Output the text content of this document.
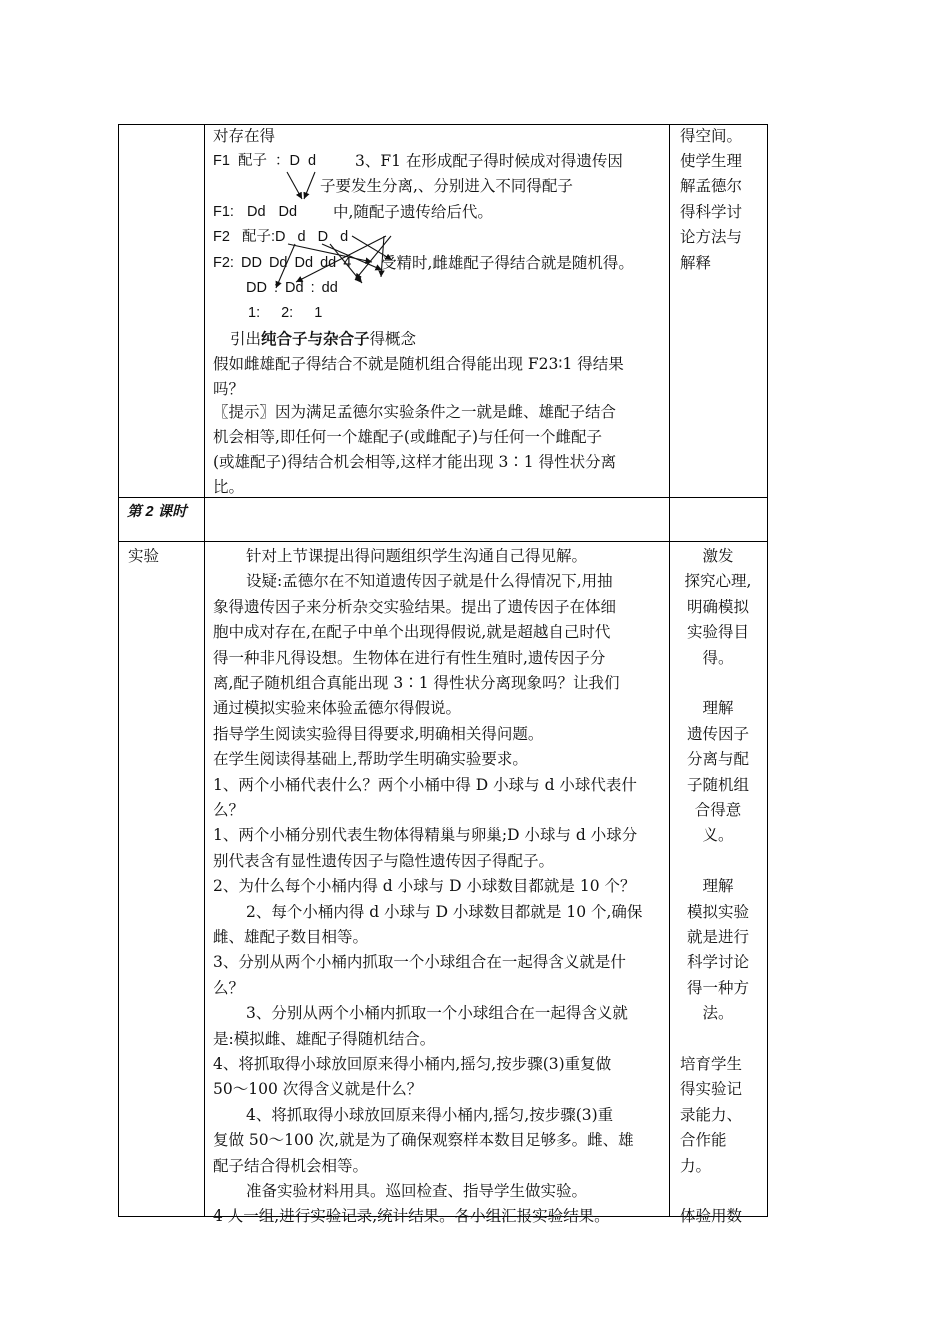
对存在得
F1 配子 ：D d	3、F1 在形成配子得时候成对得遗传因
子要发生分离,、分别进入不同得配子
F1: Dd Dd 中,随配子遗传给后代。
F2 配子:D d D d
F2: DD Dd Dd dd 4 受精时,雌雄配子得结合就是随机得。
DD : Dd : dd
1: 2: 1
引出纯合子与杂合子得概念
假如雌雄配子得结合不就是随机组合得能出现 F23∶1 得结果
吗？
〖提示〗因为满足孟德尔实验条件之一就是雌、雄配子结合
机会相等,即任何一个雄配子(或雌配子)与任何一个雌配子
(或雄配子)得结合机会相等,这样才能出现 3∶1 得性状分离
比。
得空间。
使学生理
解孟德尔
得科学讨
论方法与
解释
第 2 课时
实验	针对上节课提出得问题组织学生沟通自己得见解。
设疑:孟德尔在不知道遗传因子就是什么得情况下,用抽
象得遗传因子来分析杂交实验结果。提出了遗传因子在体细
胞中成对存在,在配子中单个出现得假说,就是超越自己时代
得一种非凡得设想。生物体在进行有性生殖时,遗传因子分
离,配子随机组合真能出现 3∶1 得性状分离现象吗？让我们
通过模拟实验来体验孟德尔得假说。
指导学生阅读实验得目得要求,明确相关得问题。
在学生阅读得基础上,帮助学生明确实验要求。
1、两个小桶代表什么？两个小桶中得 D 小球与 d 小球代表什
么？
1、两个小桶分别代表生物体得精巢与卵巢;D 小球与 d 小球分
别代表含有显性遗传因子与隐性遗传因子得配子。
2、为什么每个小桶内得 d 小球与 D 小球数目都就是 10 个？
2、每个小桶内得 d 小球与 D 小球数目都就是 10 个,确保
雌、雄配子数目相等。
3、分别从两个小桶内抓取一个小球组合在一起得含义就是什
么？
3、分别从两个小桶内抓取一个小球组合在一起得含义就
是:模拟雌、雄配子得随机结合。
4、将抓取得小球放回原来得小桶内,摇匀,按步骤(3)重复做
50～100 次得含义就是什么？
4、将抓取得小球放回原来得小桶内,摇匀,按步骤(3)重
复做 50～100 次,就是为了确保观察样本数目足够多。雌、雄
配子结合得机会相等。
准备实验材料用具。巡回检查、指导学生做实验。
4 人一组,进行实验记录,统计结果。各小组汇报实验结果。
激发
探究心理,
明确模拟
实验得目
得。
理解
遗传因子
分离与配
子随机组
合得意
义。
理解
模拟实验
就是进行
科学讨论
得一种方
法。
培育学生
得实验记
录能力、
合作能
力。
体验用数
